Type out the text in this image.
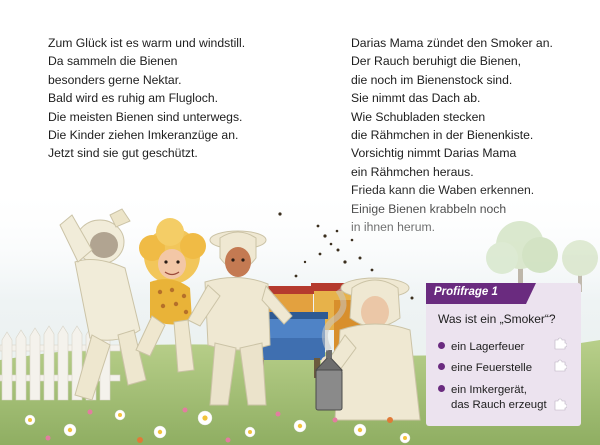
Zum Glück ist es warm und windstill.
Da sammeln die Bienen
besonders gerne Nektar.
Bald wird es ruhig am Flugloch.
Die meisten Bienen sind unterwegs.
Die Kinder ziehen Imkeranzüge an.
Jetzt sind sie gut geschützt.
Darias Mama zündet den Smoker an.
Der Rauch beruhigt die Bienen,
die noch im Bienenstock sind.
Sie nimmt das Dach ab.
Wie Schubladen stecken
die Rähmchen in der Bienenkiste.
Vorsichtig nimmt Darias Mama
ein Rähmchen heraus.
Profifrage 1
Was ist ein „Smoker“?
ein Lagerfeuer
eine Feuerstelle
ein Imkergerät,
das Rauch erzeugt
